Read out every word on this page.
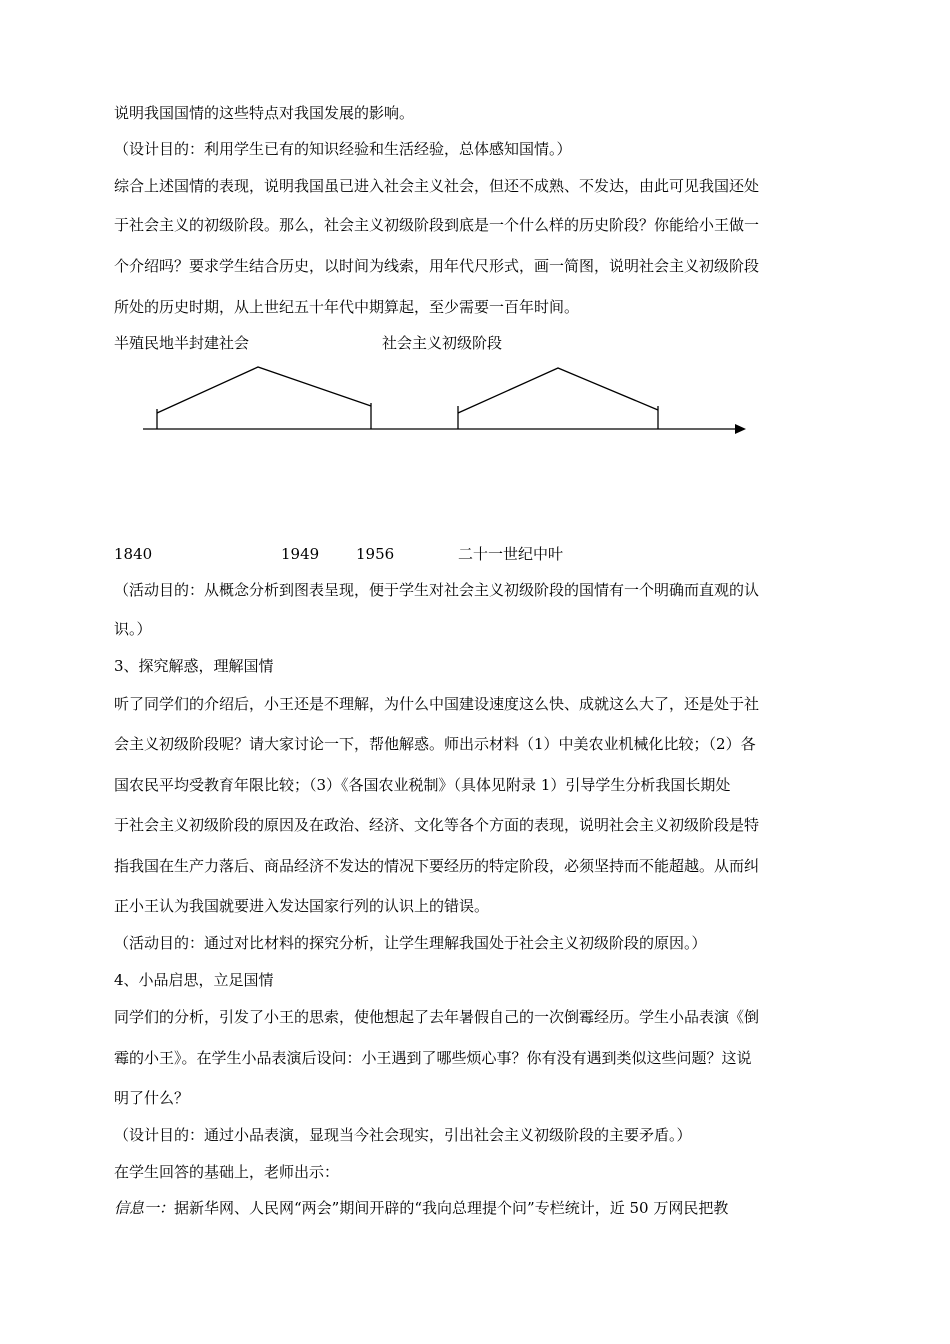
说明我国国情的这些特点对我国发展的影响。
（设计目的：利用学生已有的知识经验和生活经验，总体感知国情。）
综合上述国情的表现，说明我国虽已进入社会主义社会，但还不成熟、不发达，由此可见我国还处
于社会主义的初级阶段。那么，社会主义初级阶段到底是一个什么样的历史阶段？你能给小王做一
个介绍吗？要求学生结合历史，以时间为线索，用年代尺形式，画一简图，说明社会主义初级阶段
所处的历史时期，从上世纪五十年代中期算起，至少需要一百年时间。
半殖民地半封建社会	社会主义初级阶段
1840	1949 1956	二十一世纪中叶
（活动目的：从概念分析到图表呈现，便于学生对社会主义初级阶段的国情有一个明确而直观的认
识。）
3、探究解惑，理解国情
听了同学们的介绍后，小王还是不理解，为什么中国建设速度这么快、成就这么大了，还是处于社
会主义初级阶段呢？请大家讨论一下，帮他解惑。师出示材料（1）中美农业机械化比较；（2）各
国农民平均受教育年限比较；（3）《各国农业税制》（具体见附录 1）引导学生分析我国长期处
于社会主义初级阶段的原因及在政治、经济、文化等各个方面的表现，说明社会主义初级阶段是特
指我国在生产力落后、商品经济不发达的情况下要经历的特定阶段，必须坚持而不能超越。从而纠
正小王认为我国就要进入发达国家行列的认识上的错误。
（活动目的：通过对比材料的探究分析，让学生理解我国处于社会主义初级阶段的原因。）
4、小品启思，立足国情
同学们的分析，引发了小王的思索，使他想起了去年暑假自己的一次倒霉经历。学生小品表演《倒
霉的小王》。在学生小品表演后设问：小王遇到了哪些烦心事？你有没有遇到类似这些问题？这说
明了什么？
（设计目的：通过小品表演，显现当今社会现实，引出社会主义初级阶段的主要矛盾。）
在学生回答的基础上，老师出示：
信息一：据新华网、人民网“两会”期间开辟的“我向总理提个问”专栏统计，近 50 万网民把教
